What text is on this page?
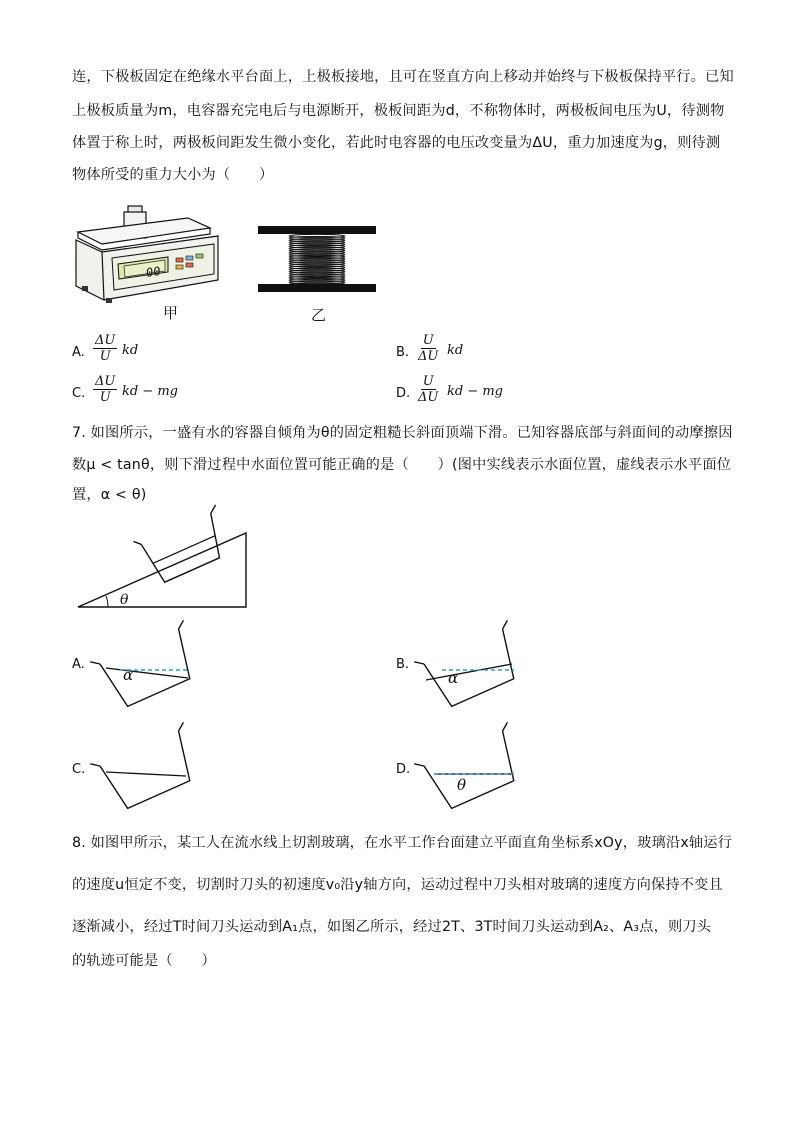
连，下极板固定在绝缘水平台面上，上极板接地，且可在竖直方向上移动并始终与下极板保持平行。已知
上极板质量为m，电容器充完电后与电源断开，极板间距为d，不称物体时，两极板间电压为U，待测物
体置于称上时，两极板间距发生微小变化，若此时电容器的电压改变量为ΔU，重力加速度为g，则待测
物体所受的重力大小为（　　）
00
甲	乙
A. $\frac{\Delta U}{U}$ kd	B. $\frac{U}{\Delta U}$ kd
C. $\frac{\Delta U}{U}$ kd − mg	D. $\frac{U}{\Delta U}$ kd − mg
7. 如图所示，一盛有水的容器自倾角为θ的固定粗糙长斜面顶端下滑。已知容器底部与斜面间的动摩擦因
数μ < tanθ，则下滑过程中水面位置可能正确的是（　　）(图中实线表示水面位置，虚线表示水平面位
置，α < θ)
θ
A.
α
B.
α
C.	D.
θ
8. 如图甲所示，某工人在流水线上切割玻璃，在水平工作台面建立平面直角坐标系xOy，玻璃沿x轴运行
的速度u恒定不变，切割时刀头的初速度v₀沿y轴方向，运动过程中刀头相对玻璃的速度方向保持不变且
逐渐减小，经过T时间刀头运动到A₁点，如图乙所示，经过2T、3T时间刀头运动到A₂、A₃点，则刀头
的轨迹可能是（　　）
